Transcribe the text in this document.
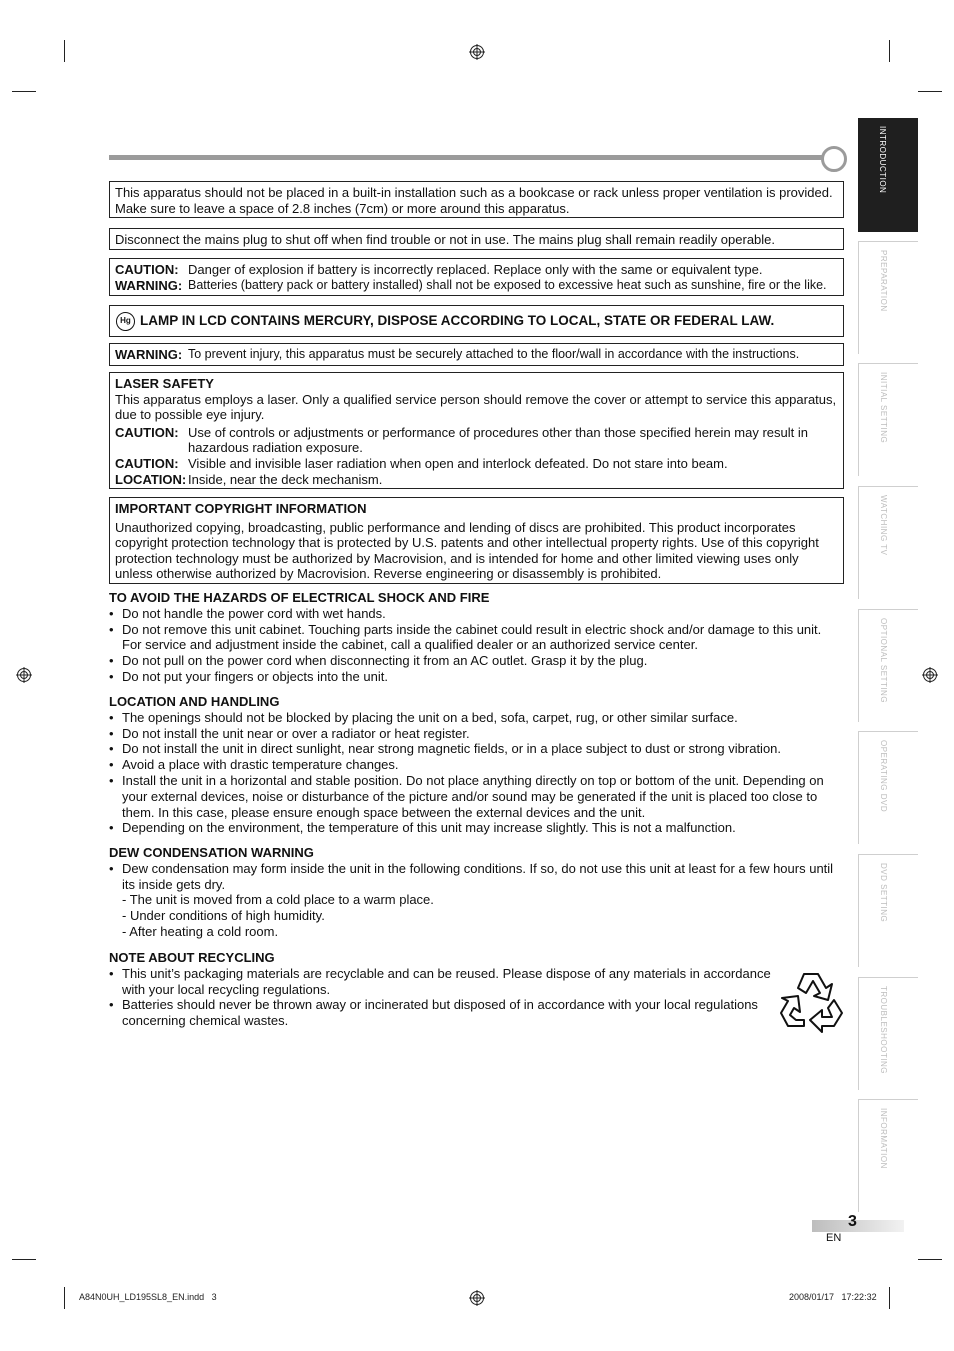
This apparatus should not be placed in a built-in installation such as a bookcase or rack unless proper ventilation is provided. Make sure to leave a space of 2.8 inches (7cm) or more around this apparatus.
Disconnect the mains plug to shut off when find trouble or not in use. The mains plug shall remain readily operable.
CAUTION: Danger of explosion if battery is incorrectly replaced. Replace only with the same or equivalent type.
WARNING: Batteries (battery pack or battery installed) shall not be exposed to excessive heat such as sunshine, fire or the like.
Hg LAMP IN LCD CONTAINS MERCURY, DISPOSE ACCORDING TO LOCAL, STATE OR FEDERAL LAW.
WARNING: To prevent injury, this apparatus must be securely attached to the floor/wall in accordance with the instructions.
LASER SAFETY
This apparatus employs a laser. Only a qualified service person should remove the cover or attempt to service this apparatus, due to possible eye injury.
CAUTION: Use of controls or adjustments or performance of procedures other than those specified herein may result in hazardous radiation exposure.
CAUTION: Visible and invisible laser radiation when open and interlock defeated. Do not stare into beam.
LOCATION: Inside, near the deck mechanism.
IMPORTANT COPYRIGHT INFORMATION
Unauthorized copying, broadcasting, public performance and lending of discs are prohibited. This product incorporates copyright protection technology that is protected by U.S. patents and other intellectual property rights. Use of this copyright protection technology must be authorized by Macrovision, and is intended for home and other limited viewing uses only unless otherwise authorized by Macrovision. Reverse engineering or disassembly is prohibited.
TO AVOID THE HAZARDS OF ELECTRICAL SHOCK AND FIRE
• Do not handle the power cord with wet hands.
• Do not remove this unit cabinet. Touching parts inside the cabinet could result in electric shock and/or damage to this unit. For service and adjustment inside the cabinet, call a qualified dealer or an authorized service center.
• Do not pull on the power cord when disconnecting it from an AC outlet. Grasp it by the plug.
• Do not put your fingers or objects into the unit.
LOCATION AND HANDLING
• The openings should not be blocked by placing the unit on a bed, sofa, carpet, rug, or other similar surface.
• Do not install the unit near or over a radiator or heat register.
• Do not install the unit in direct sunlight, near strong magnetic fields, or in a place subject to dust or strong vibration.
• Avoid a place with drastic temperature changes.
• Install the unit in a horizontal and stable position. Do not place anything directly on top or bottom of the unit. Depending on your external devices, noise or disturbance of the picture and/or sound may be generated if the unit is placed too close to them. In this case, please ensure enough space between the external devices and the unit.
• Depending on the environment, the temperature of this unit may increase slightly. This is not a malfunction.
DEW CONDENSATION WARNING
• Dew condensation may form inside the unit in the following conditions. If so, do not use this unit at least for a few hours until its inside gets dry.
- The unit is moved from a cold place to a warm place.
- Under conditions of high humidity.
- After heating a cold room.
NOTE ABOUT RECYCLING
• This unit’s packaging materials are recyclable and can be reused. Please dispose of any materials in accordance with your local recycling regulations.
• Batteries should never be thrown away or incinerated but disposed of in accordance with your local regulations concerning chemical wastes.
INTRODUCTION
PREPARATION
INITIAL SETTING
WATCHING TV
OPTIONAL SETTING
OPERATING DVD
DVD SETTING
TROUBLESHOOTING
INFORMATION
3
EN
A84N0UH_LD195SL8_EN.indd   3	2008/01/17   17:22:32
